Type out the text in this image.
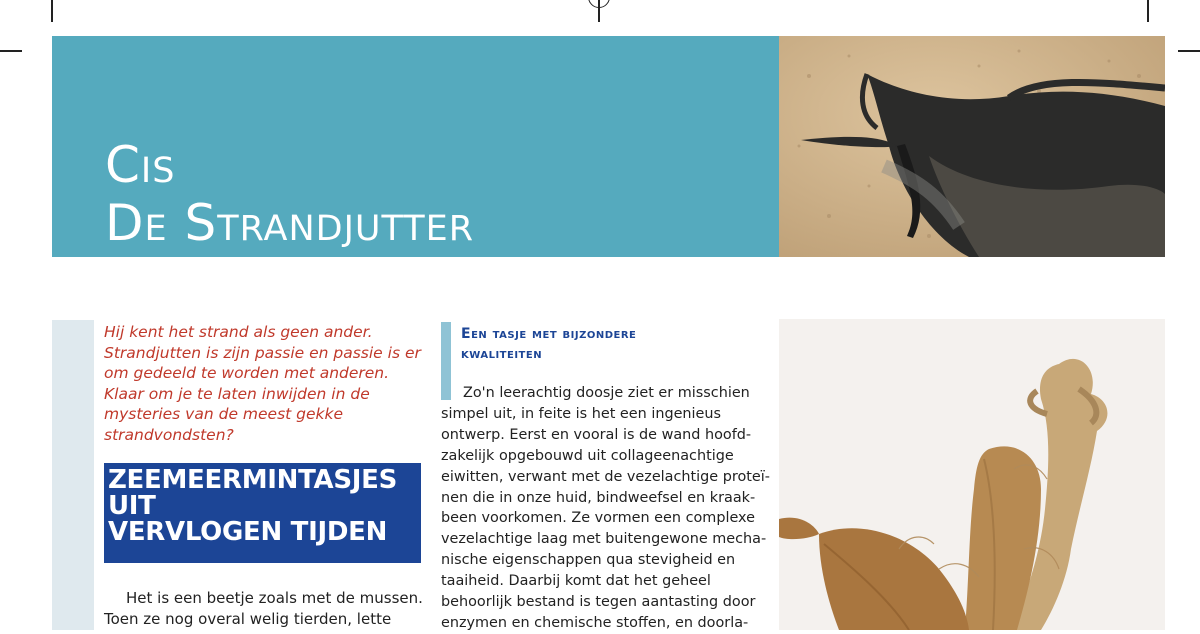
Cis
De Strandjutter

Hij kent het strand als geen ander. Strandjutten is zijn passie en passie is er om gedeeld te worden met anderen. Klaar om je te laten inwijden in de mysteries van de meest gekke strandvondsten?

ZEEMEERMINTASJES
UIT
VERVLOGEN TIJDEN

Het is een beetje zoals met de mussen. Toen ze nog overal welig tierden, lette

Een tasje met bijzondere
kwaliteiten
Zo'n leerachtig doosje ziet er misschien
simpel uit, in feite is het een ingenieus
ontwerp. Eerst en vooral is de wand hoofd-
zakelijk opgebouwd uit collageenachtige
eiwitten, verwant met de vezelachtige proteï-
nen die in onze huid, bindweefsel en kraak-
been voorkomen. Ze vormen een complexe
vezelachtige laag met buitengewone mecha-
nische eigenschappen qua stevigheid en
taaiheid. Daarbij komt dat het geheel
behoorlijk bestand is tegen aantasting door
enzymen en chemische stoffen, en doorla-
